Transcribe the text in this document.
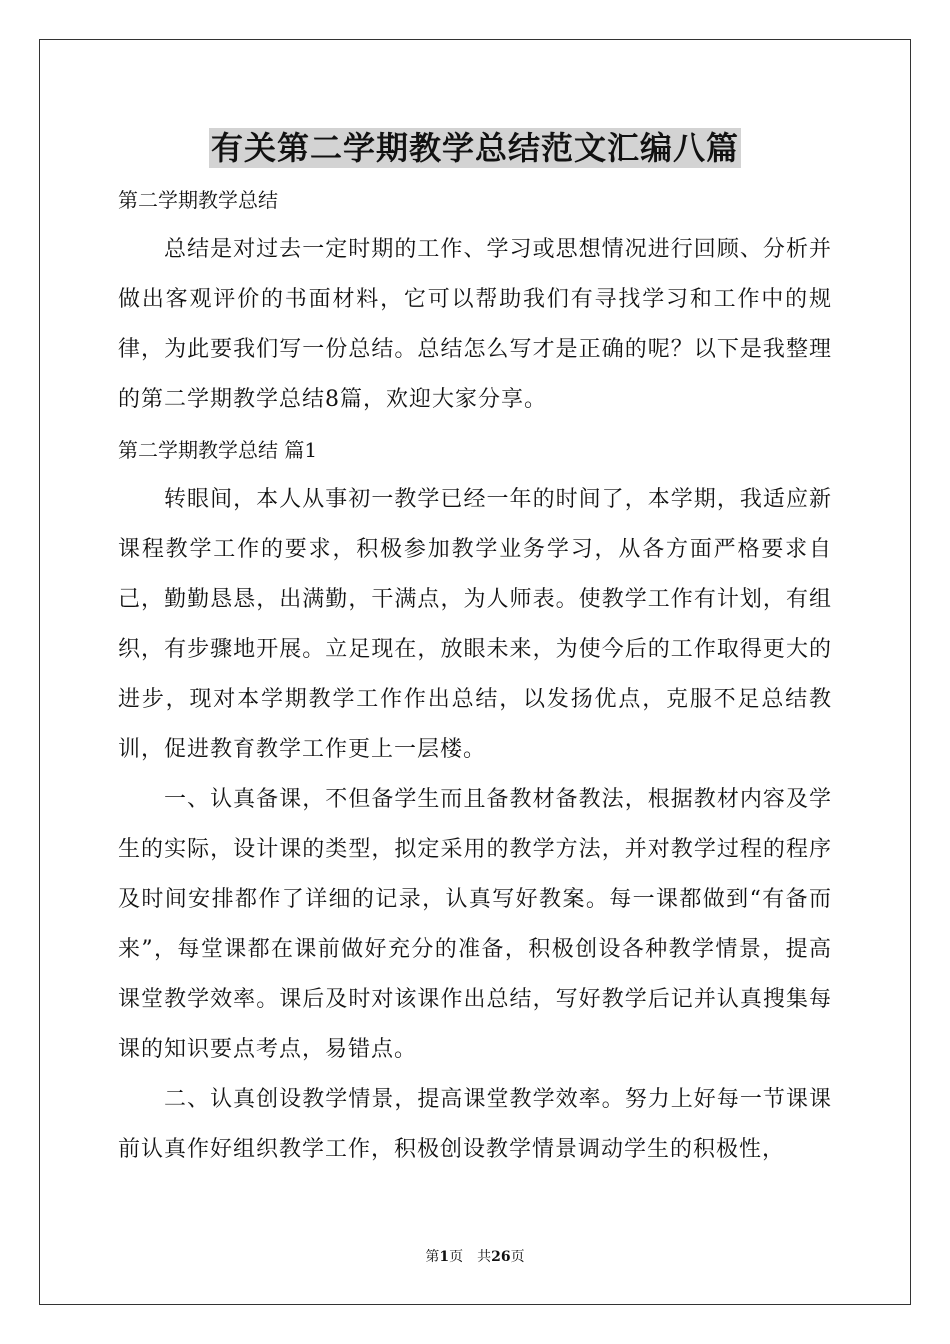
有关第二学期教学总结范文汇编八篇
第二学期教学总结
总结是对过去一定时期的工作、学习或思想情况进行回顾、分析并做出客观评价的书面材料，它可以帮助我们有寻找学习和工作中的规律，为此要我们写一份总结。总结怎么写才是正确的呢？以下是我整理的第二学期教学总结8篇，欢迎大家分享。
第二学期教学总结 篇1
转眼间，本人从事初一教学已经一年的时间了，本学期，我适应新课程教学工作的要求，积极参加教学业务学习，从各方面严格要求自己，勤勤恳恳，出满勤，干满点，为人师表。使教学工作有计划，有组织，有步骤地开展。立足现在，放眼未来，为使今后的工作取得更大的进步，现对本学期教学工作作出总结，以发扬优点，克服不足总结教训，促进教育教学工作更上一层楼。
一、认真备课，不但备学生而且备教材备教法，根据教材内容及学生的实际，设计课的类型，拟定采用的教学方法，并对教学过程的程序及时间安排都作了详细的记录，认真写好教案。每一课都做到“有备而来”，每堂课都在课前做好充分的准备，积极创设各种教学情景，提高课堂教学效率。课后及时对该课作出总结，写好教学后记并认真搜集每课的知识要点考点，易错点。
二、认真创设教学情景，提高课堂教学效率。努力上好每一节课课前认真作好组织教学工作，积极创设教学情景调动学生的积极性，
第1页　共26页
